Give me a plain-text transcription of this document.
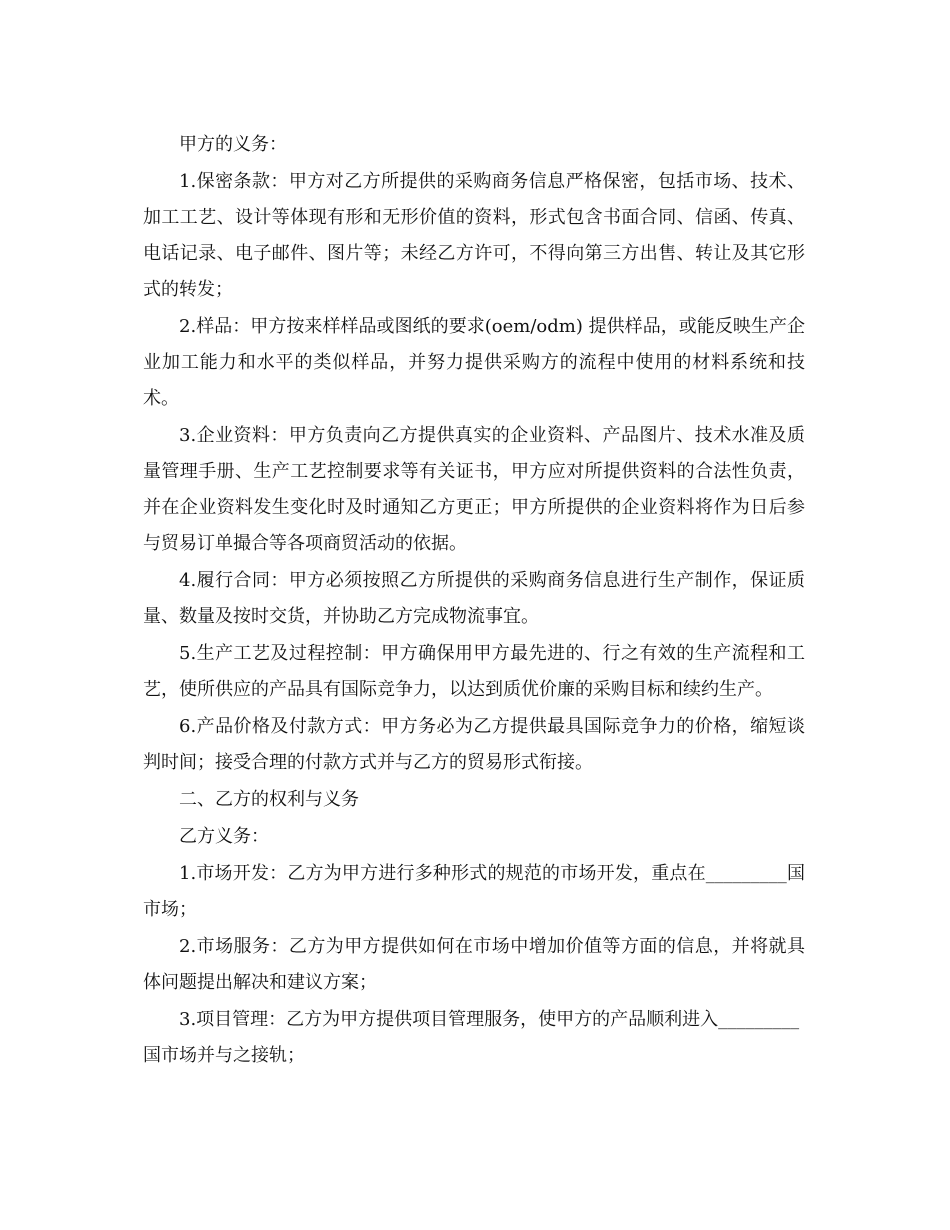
甲方的义务：

1.保密条款：甲方对乙方所提供的采购商务信息严格保密，包括市场、技术、加工工艺、设计等体现有形和无形价值的资料，形式包含书面合同、信函、传真、电话记录、电子邮件、图片等；未经乙方许可，不得向第三方出售、转让及其它形式的转发；

2.样品：甲方按来样样品或图纸的要求(oem/odm) 提供样品，或能反映生产企业加工能力和水平的类似样品，并努力提供采购方的流程中使用的材料系统和技术。

3.企业资料：甲方负责向乙方提供真实的企业资料、产品图片、技术水准及质量管理手册、生产工艺控制要求等有关证书，甲方应对所提供资料的合法性负责，并在企业资料发生变化时及时通知乙方更正；甲方所提供的企业资料将作为日后参与贸易订单撮合等各项商贸活动的依据。

4.履行合同：甲方必须按照乙方所提供的采购商务信息进行生产制作，保证质量、数量及按时交货，并协助乙方完成物流事宜。

5.生产工艺及过程控制：甲方确保用甲方最先进的、行之有效的生产流程和工艺，使所供应的产品具有国际竞争力，以达到质优价廉的采购目标和续约生产。

6.产品价格及付款方式：甲方务必为乙方提供最具国际竞争力的价格，缩短谈判时间；接受合理的付款方式并与乙方的贸易形式衔接。

二、乙方的权利与义务

乙方义务：

1.市场开发：乙方为甲方进行多种形式的规范的市场开发，重点在_________国市场；

2.市场服务：乙方为甲方提供如何在市场中增加价值等方面的信息，并将就具体问题提出解决和建议方案；

3.项目管理：乙方为甲方提供项目管理服务，使甲方的产品顺利进入_________国市场并与之接轨；
